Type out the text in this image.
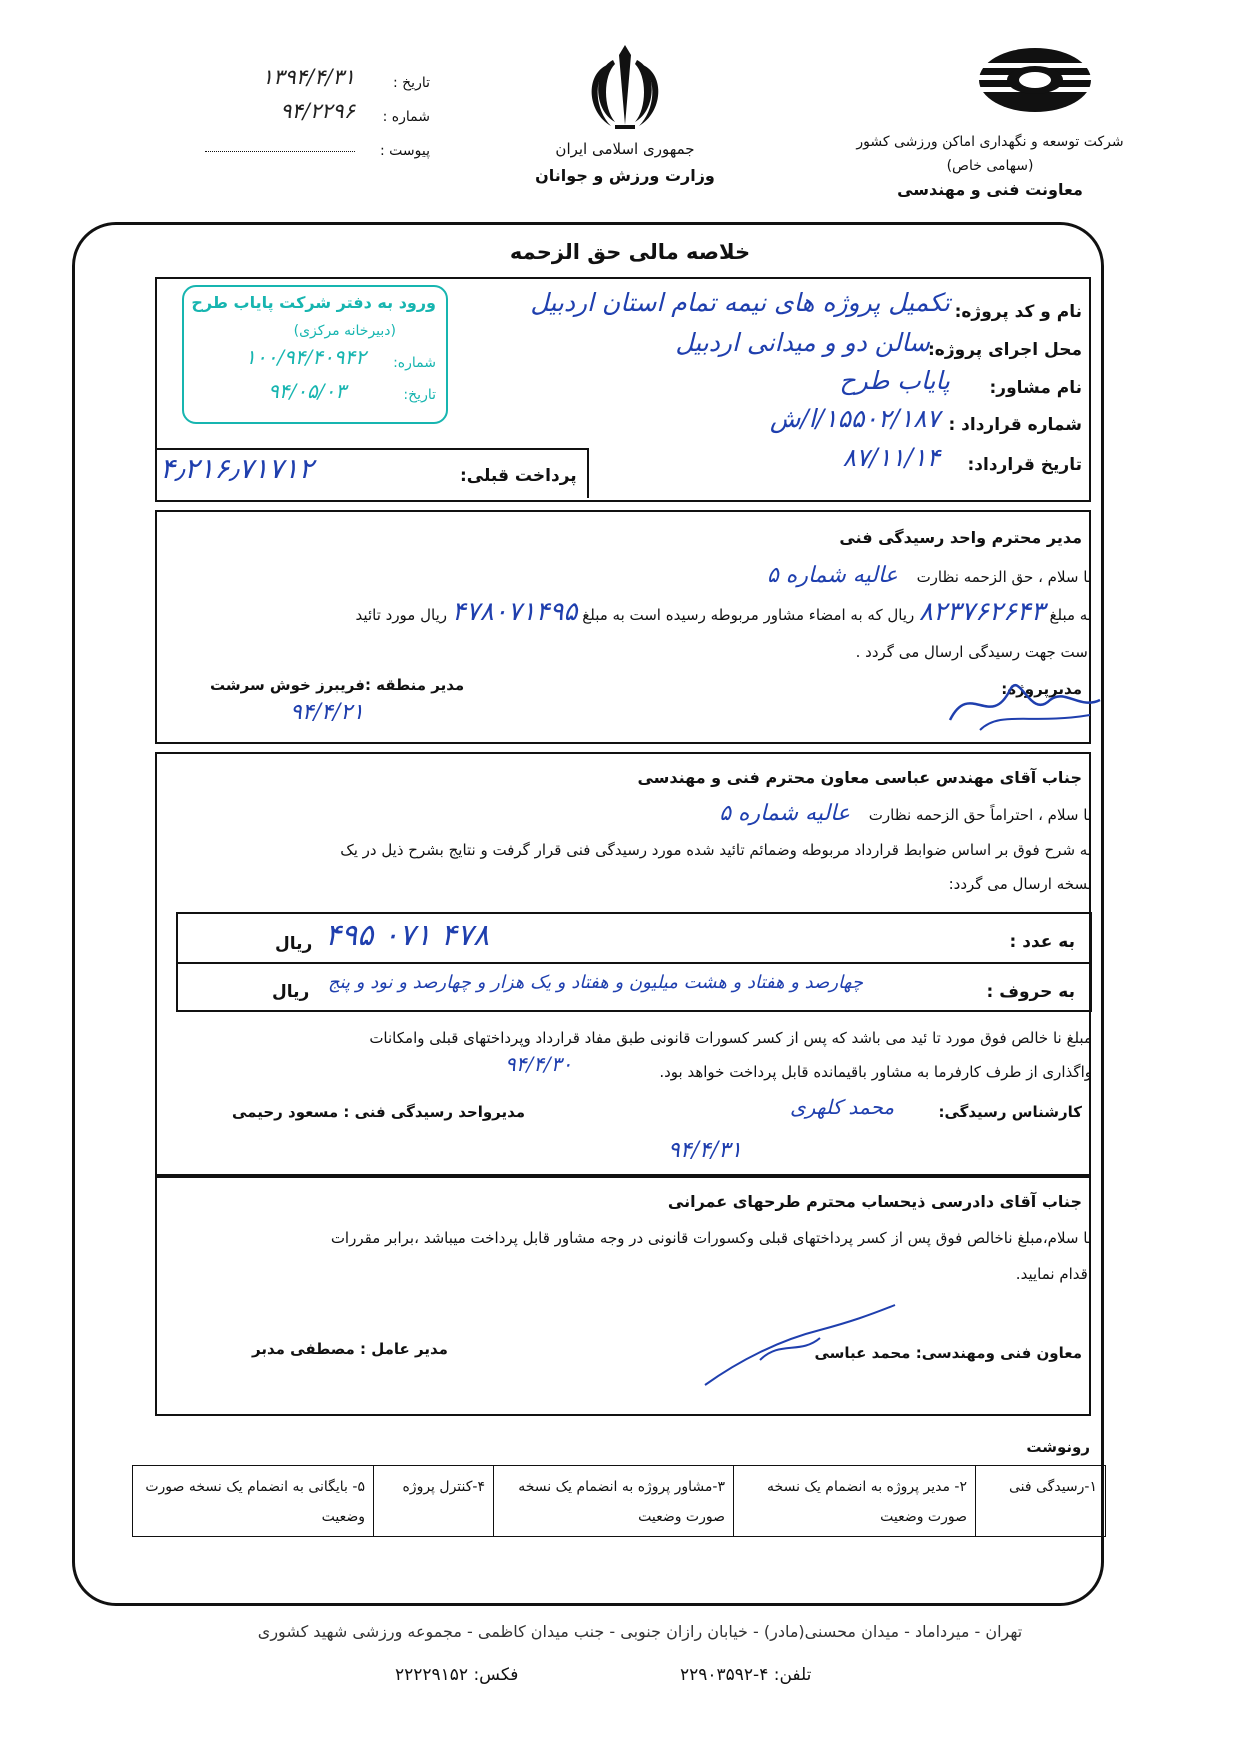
شرکت توسعه و نگهداری اماکن ورزشی کشور
(سهامی خاص)
معاونت فنی و مهندسی
جمهوری اسلامی ایران
وزارت ورزش و جوانان
تاریخ :
۱۳۹۴/۴/۳۱
شماره :
۹۴/۲۲۹۶
پیوست :
خلاصه مالی حق الزحمه
ورود به دفتر شرکت پایاب طرح
(دبیرخانه مرکزی)
شماره:
۱۰۰/۹۴/۴۰۹۴۲
تاریخ:
۹۴/۰۵/۰۳
نام و کد پروژه:
تکمیل پروژه های نیمه تمام استان اردبیل
محل اجرای پروژه:
سالن دو و میدانی اردبیل
نام مشاور:
پایاب طرح
شماره قرارداد :
۱۵۵۰۲/۱۸۷/ا/ش
تاریخ قرارداد:
۸۷/۱۱/۱۴
پرداخت قبلی:
۴٫۲۱۶٫۷۱۷۱۲
مدیر محترم واحد رسیدگی فنی
با سلام ، حق الزحمه نظارت عالیه شماره ۵
به مبلغ ۸۲۳۷۶۲۶۴۳ ریال که به امضاء مشاور مربوطه رسیده است به مبلغ ۴۷۸۰۷۱۴۹۵ ریال مورد تائید
است جهت رسیدگی ارسال می گردد .
مدیر منطقه :فریبرز خوش سرشت
۹۴/۴/۲۱
مدیرپروژه:
جناب آقای مهندس عباسی معاون محترم فنی و مهندسی
با سلام ، احتراماً حق الزحمه نظارت عالیه شماره ۵
به شرح فوق بر اساس ضوابط قرارداد مربوطه وضمائم تائید شده مورد رسیدگی فنی قرار گرفت و نتایج بشرح ذیل در یک
نسخه ارسال می گردد:
به عدد :
۴۷۸ ۰۷۱ ۴۹۵
ریال
به حروف :
چهارصد و هفتاد و هشت میلیون و هفتاد و یک هزار و چهارصد و نود و پنج
ریال
مبلغ نا خالص فوق مورد تا ئید می باشد که پس از کسر کسورات قانونی طبق مفاد قرارداد وپرداختهای قبلی وامکانات
واگذاری از طرف کارفرما به مشاور باقیمانده قابل پرداخت خواهد بود.
۹۴/۴/۳۰
کارشناس رسیدگی:
محمد کلهری
مدیرواحد رسیدگی فنی : مسعود رحیمی
۹۴/۴/۳۱
جناب آقای دادرسی ذیحساب محترم طرحهای عمرانی
با سلام،مبلغ ناخالص فوق پس از کسر پرداختهای قبلی وکسورات قانونی در وجه مشاور قابل پرداخت میباشد ،برابر مقررات
اقدام نمایید.
معاون فنی ومهندسی: محمد عباسی
مدیر عامل : مصطفی مدبر
رونوشت
۱-رسیدگی فنی
۲- مدیر پروژه به انضمام یک نسخه صورت وضعیت
۳-مشاور پروژه به انضمام یک نسخه صورت وضعیت
۴-کنترل پروژه
۵- بایگانی به انضمام یک نسخه صورت وضعیت
تهران - میرداماد - میدان محسنی(مادر) - خیابان رازان جنوبی - جنب میدان کاظمی - مجموعه ورزشی شهید کشوری
تلفن: ۴-۲۲۹۰۳۵۹۲
فکس: ۲۲۲۲۹۱۵۲
